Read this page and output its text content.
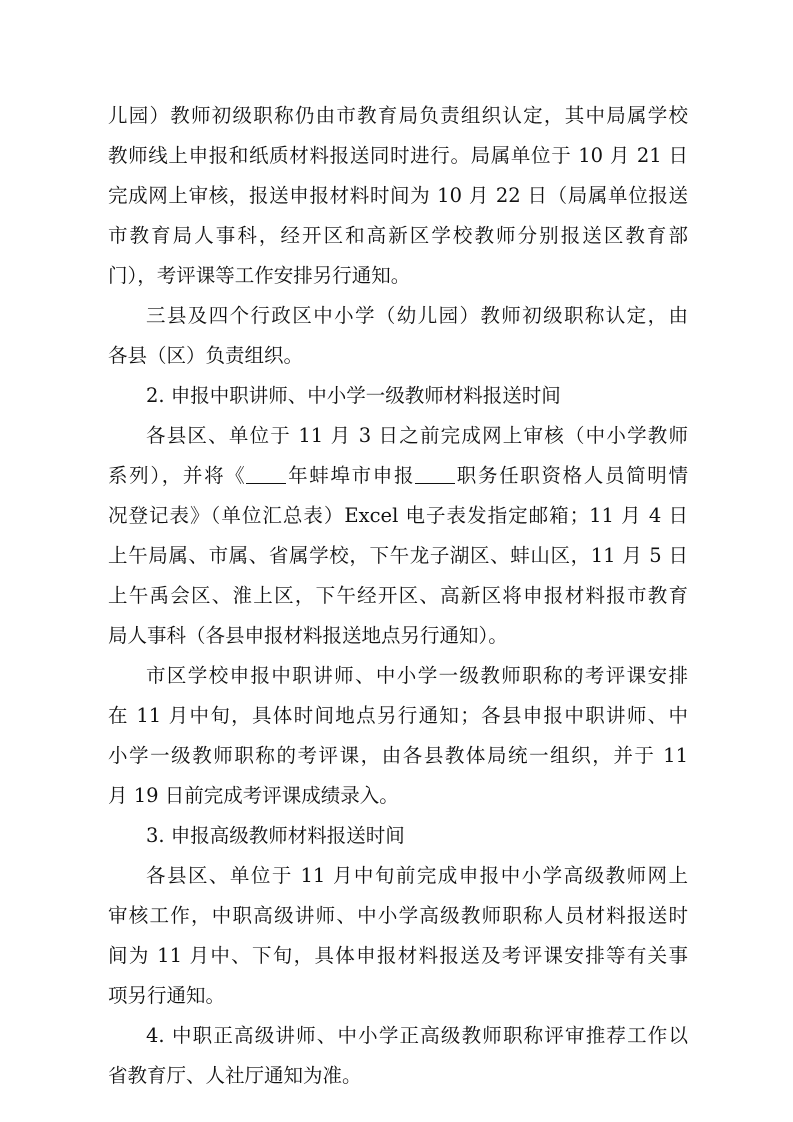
儿园）教师初级职称仍由市教育局负责组织认定，其中局属学校
教师线上申报和纸质材料报送同时进行。局属单位于 10 月 21 日
完成网上审核，报送申报材料时间为 10 月 22 日（局属单位报送
市教育局人事科，经开区和高新区学校教师分别报送区教育部
门），考评课等工作安排另行通知。
三县及四个行政区中小学（幼儿园）教师初级职称认定，由
各县（区）负责组织。
2. 申报中职讲师、中小学一级教师材料报送时间
各县区、单位于 11 月 3 日之前完成网上审核（中小学教师
系列），并将《 年蚌埠市申报 职务任职资格人员简明情
况登记表》（单位汇总表）Excel 电子表发指定邮箱；11 月 4 日
上午局属、市属、省属学校，下午龙子湖区、蚌山区，11 月 5 日
上午禹会区、淮上区，下午经开区、高新区将申报材料报市教育
局人事科（各县申报材料报送地点另行通知）。
市区学校申报中职讲师、中小学一级教师职称的考评课安排
在 11 月中旬，具体时间地点另行通知；各县申报中职讲师、中
小学一级教师职称的考评课，由各县教体局统一组织，并于 11
月 19 日前完成考评课成绩录入。
3. 申报高级教师材料报送时间
各县区、单位于 11 月中旬前完成申报中小学高级教师网上
审核工作，中职高级讲师、中小学高级教师职称人员材料报送时
间为 11 月中、下旬，具体申报材料报送及考评课安排等有关事
项另行通知。
4. 中职正高级讲师、中小学正高级教师职称评审推荐工作以
省教育厅、人社厅通知为准。
